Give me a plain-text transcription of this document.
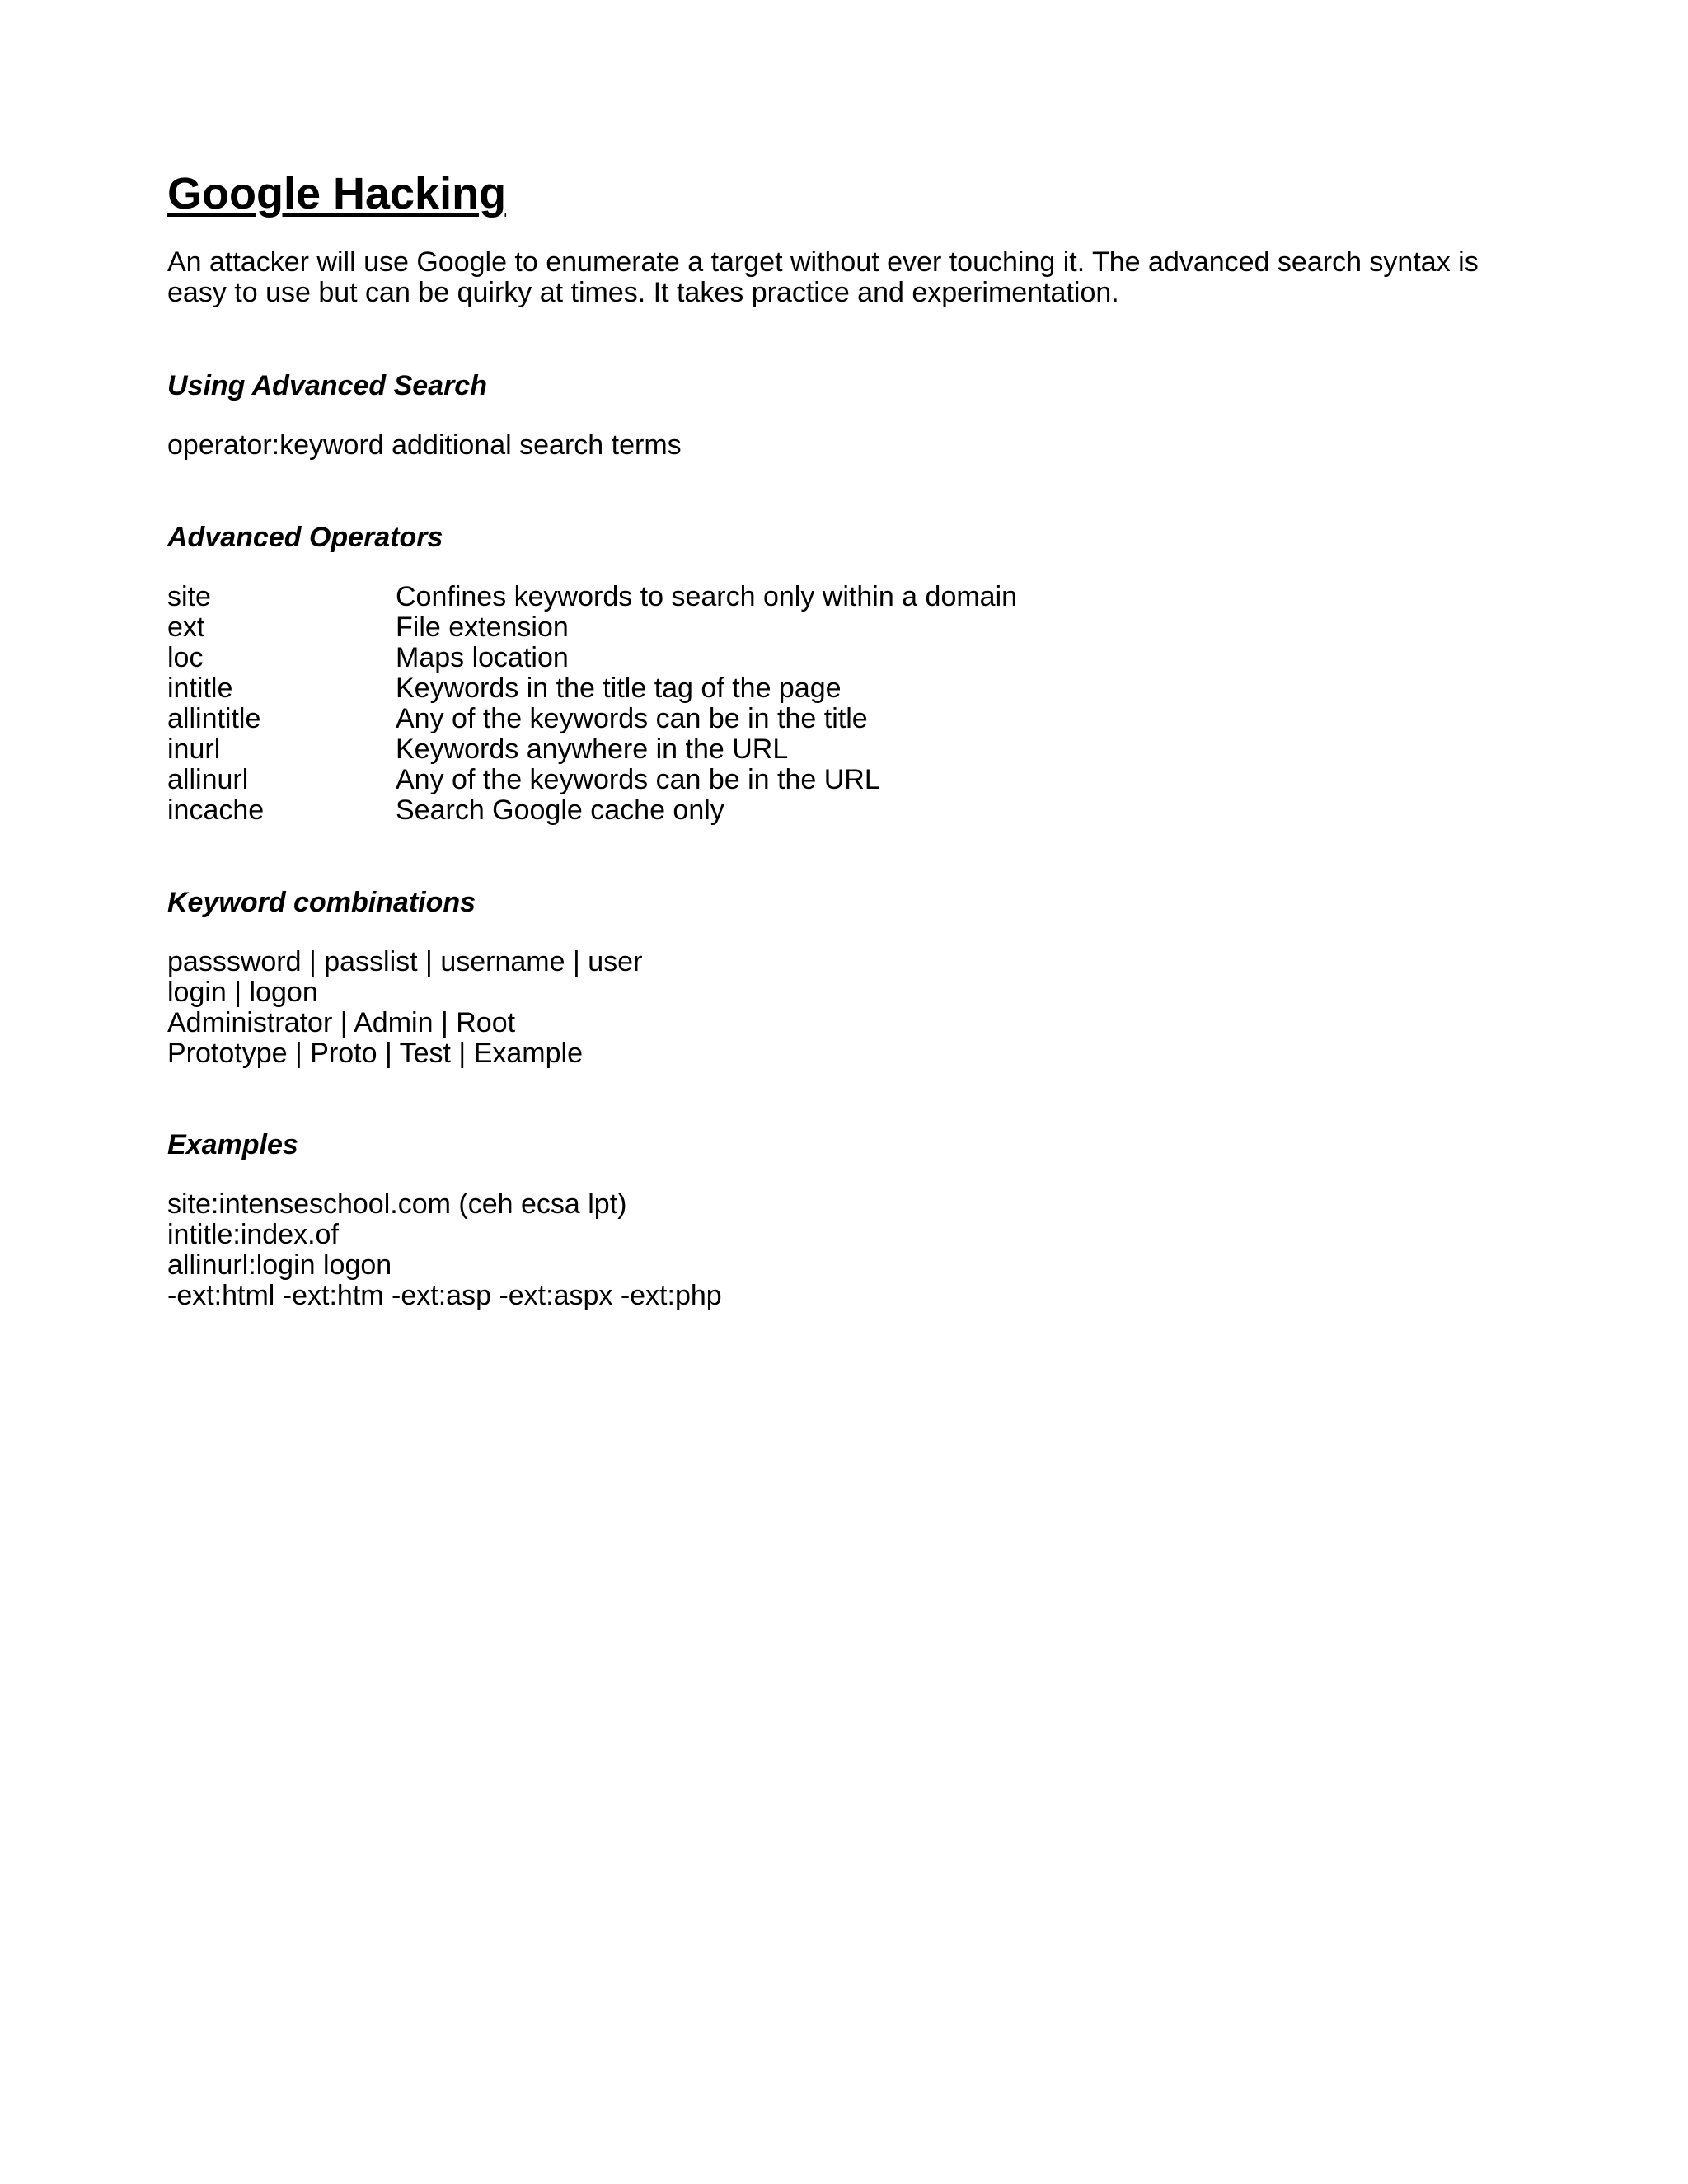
Google Hacking

An attacker will use Google to enumerate a target without ever touching it. The advanced search syntax is easy to use but can be quirky at times. It takes practice and experimentation.

Using Advanced Search

operator:keyword additional search terms

Advanced Operators
site	Confines keywords to search only within a domain
ext	File extension
loc	Maps location
intitle	Keywords in the title tag of the page
allintitle	Any of the keywords can be in the title
inurl	Keywords anywhere in the URL
allinurl	Any of the keywords can be in the URL
incache	Search Google cache only
Keyword combinations

passsword | passlist | username | user

login | logon

Administrator | Admin | Root

Prototype | Proto | Test | Example

Examples

site:intenseschool.com (ceh ecsa lpt)

intitle:index.of

allinurl:login logon

-ext:html -ext:htm -ext:asp -ext:aspx -ext:php
